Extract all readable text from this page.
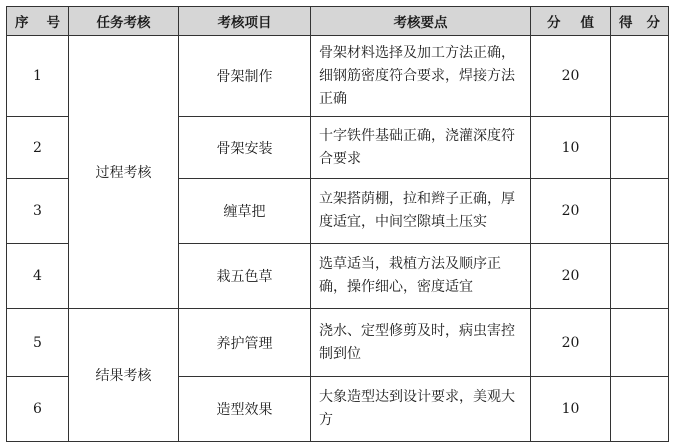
序号	任务考核	考核项目	考核要点	分值	得分
1	过程考核	骨架制作	骨架材料选择及加工方法正确，细钢筋密度符合要求，焊接方法正确	20	
2		骨架安装	十字铁件基础正确，浇灌深度符合要求	10	
3		缠草把	立架搭荫棚，拉和辫子正确，厚度适宜，中间空隙填土压实	20	
4		栽五色草	选草适当，栽植方法及顺序正确，操作细心，密度适宜	20	
5	结果考核	养护管理	浇水、定型修剪及时，病虫害控制到位	20	
6		造型效果	大象造型达到设计要求，美观大方	10	
